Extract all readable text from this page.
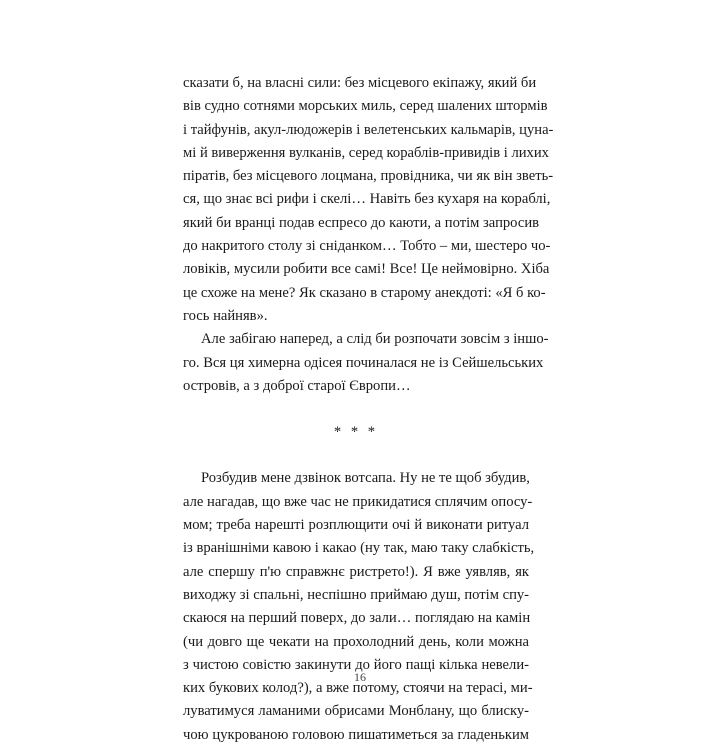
сказати б, на власні сили: без місцевого екіпажу, який би
вів судно сотнями морських миль, серед шалених штормів
і тайфунів, акул-людожерів і велетенських кальмарів, цуна-
мі й виверження вулканів, серед кораблів-привидів і лихих
піратів, без місцевого лоцмана, провідника, чи як він зветь-
ся, що знає всі рифи і скелі… Навіть без кухаря на кораблі,
який би вранці подав еспресо до каюти, а потім запросив
до накритого столу зі сніданком… Тобто – ми, шестеро чо-
ловіків, мусили робити все самі! Все! Це неймовірно. Хіба
це схоже на мене? Як сказано в старому анекдоті: «Я б ко-
гось найняв».
Але забігаю наперед, а слід би розпочати зовсім з іншо-
го. Вся ця химерна одісея починалася не із Сейшельських
островів, а з доброї старої Європи…
* * *
Розбудив мене дзвінок вотсапа. Ну не те щоб збудив,
але нагадав, що вже час не прикидатися сплячим опосу-
мом; треба нарешті розплющити очі й виконати ритуал
із вранішніми кавою і какао (ну так, маю таку слабкість,
але спершу п'ю справжнє ристрето!). Я вже уявляв, як
виходжу зі спальні, неспішно приймаю душ, потім спу-
скаюся на перший поверх, до зали… поглядаю на камін
(чи довго ще чекати на прохолодний день, коли можна
з чистою совістю закинути до його пащі кілька невели-
ких букових колод?), а вже потому, стоячи на терасі, ми-
луватимуся ламаними обрисами Монблану, що блиску-
чою цукрованою головою пишатиметься за гладеньким
16
